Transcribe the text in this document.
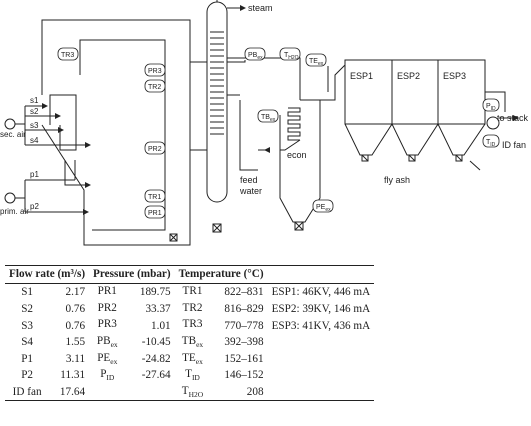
steam
sec. air
prim. air
s1
s2
s3
s4
p1
p2
TR3
PR3
TR2
PR2
TR1
PR1
$PB_{ex}$	$T_{H2O}$ $TE_{ex}$
$TB_{ex}$
$PE_{ex}$
$P_{ID}$
$T_{ID}$
econ
feed
water
ESP1	ESP2	ESP3
fly ash
to stack
ID fan
Flow rate (m³/s)		Pressure (mbar)		Temperature (°C)		
S1	2.17	PR1	189.75	TR1	822–831	ESP1: 46KV, 446 mA
S2	0.76	PR2	33.37	TR2	816–829	ESP2: 39KV, 146 mA
S3	0.76	PR3	1.01	TR3	770–778	ESP3: 41KV, 436 mA
S4	1.55	$PB_{ex}$	-10.45	$TB_{ex}$	392–398	
P1	3.11	$PE_{ex}$	-24.82	$TE_{ex}$	152–161	
P2	11.31	$P_{ID}$	-27.64	$T_{ID}$	146–152	
ID fan	17.64			$T_{H2O}$	208	
